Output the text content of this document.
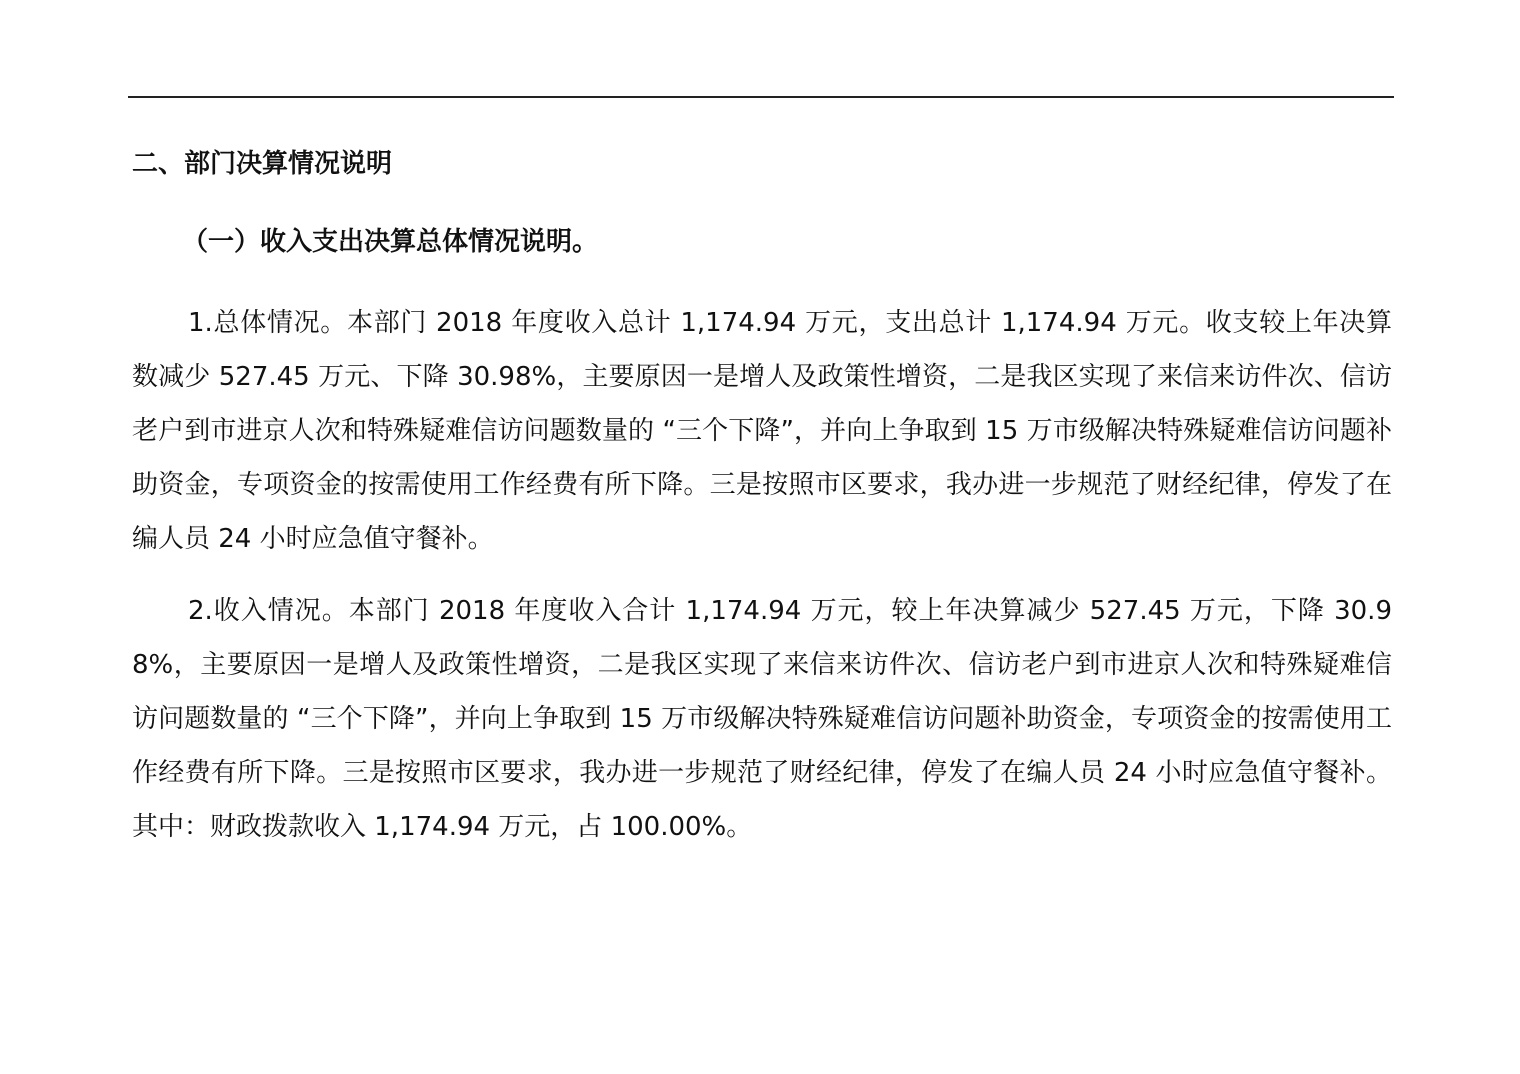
二、部门决算情况说明
（一）收入支出决算总体情况说明。

1.总体情况。本部门 2018 年度收入总计 1,174.94 万元，支出总计 1,174.94 万元。收支较上年决算数减少 527.45 万元、下降 30.98%，主要原因一是增人及政策性增资，二是我区实现了来信来访件次、信访老户到市进京人次和特殊疑难信访问题数量的 “三个下降”，并向上争取到 15 万市级解决特殊疑难信访问题补助资金，专项资金的按需使用工作经费有所下降。三是按照市区要求，我办进一步规范了财经纪律，停发了在编人员 24 小时应急值守餐补。

2.收入情况。本部门 2018 年度收入合计 1,174.94 万元，较上年决算减少 527.45 万元，下降 30.98%，主要原因一是增人及政策性增资，二是我区实现了来信来访件次、信访老户到市进京人次和特殊疑难信访问题数量的 “三个下降”，并向上争取到 15 万市级解决特殊疑难信访问题补助资金，专项资金的按需使用工作经费有所下降。三是按照市区要求，我办进一步规范了财经纪律，停发了在编人员 24 小时应急值守餐补。其中：财政拨款收入 1,174.94 万元，占 100.00%。
